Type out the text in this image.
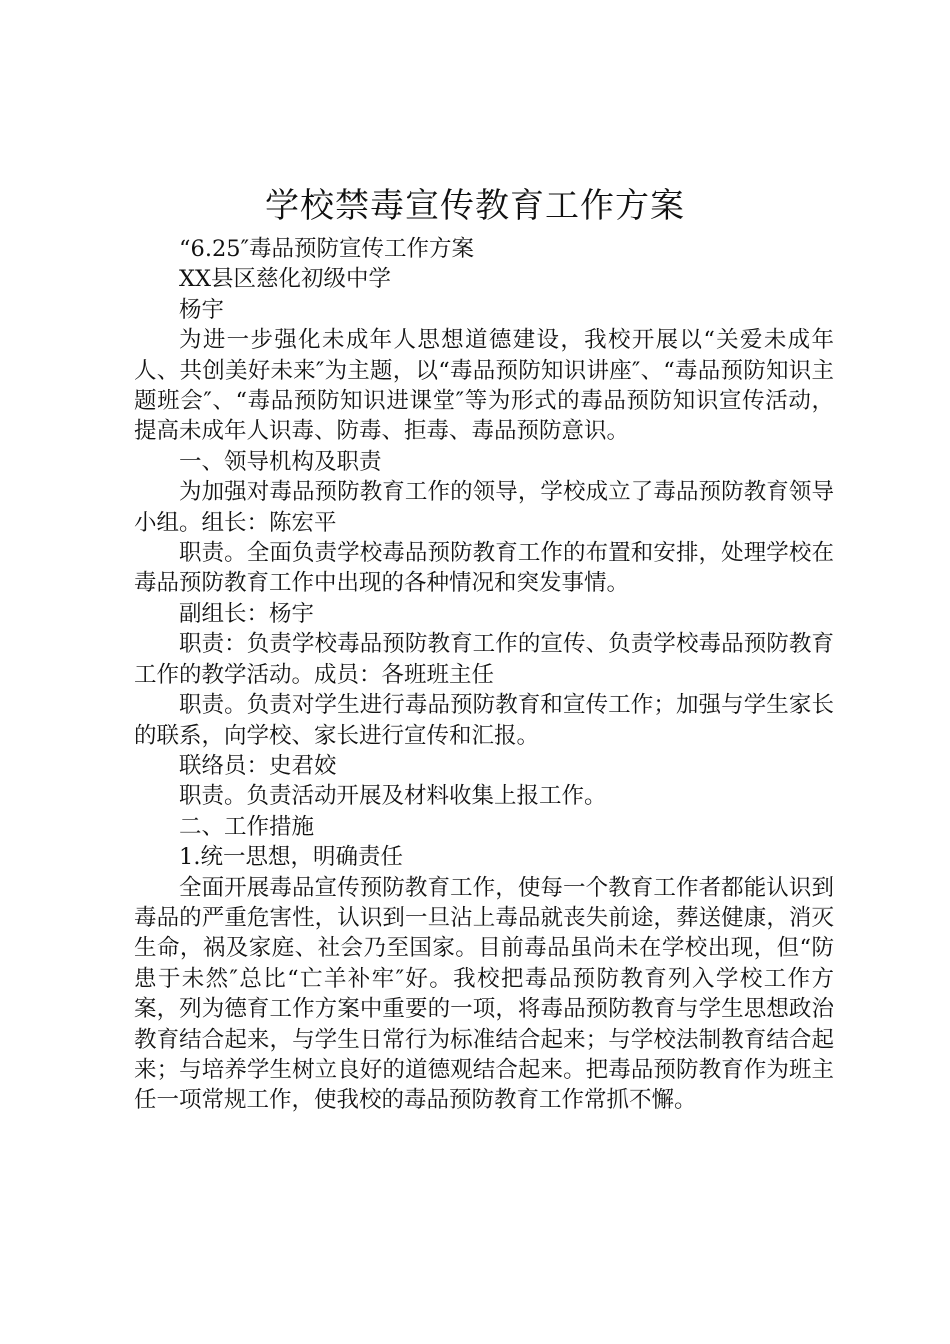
学校禁毒宣传教育工作方案

“6.25″毒品预防宣传工作方案

XX县区慈化初级中学

杨宇

为进一步强化未成年人思想道德建设，我校开展以“关爱未成年人、共创美好未来″为主题，以“毒品预防知识讲座″、“毒品预防知识主题班会″、“毒品预防知识进课堂″等为形式的毒品预防知识宣传活动，提高未成年人识毒、防毒、拒毒、毒品预防意识。

一、领导机构及职责

为加强对毒品预防教育工作的领导，学校成立了毒品预防教育领导小组。组长：陈宏平

职责。全面负责学校毒品预防教育工作的布置和安排，处理学校在毒品预防教育工作中出现的各种情况和突发事情。

副组长：杨宇

职责：负责学校毒品预防教育工作的宣传、负责学校毒品预防教育工作的教学活动。成员：各班班主任

职责。负责对学生进行毒品预防教育和宣传工作；加强与学生家长的联系，向学校、家长进行宣传和汇报。

联络员：史君姣

职责。负责活动开展及材料收集上报工作。

二、工作措施

1.统一思想，明确责任

全面开展毒品宣传预防教育工作，使每一个教育工作者都能认识到毒品的严重危害性，认识到一旦沾上毒品就丧失前途，葬送健康，消灭生命，祸及家庭、社会乃至国家。目前毒品虽尚未在学校出现，但“防患于未然″总比“亡羊补牢″好。我校把毒品预防教育列入学校工作方案，列为德育工作方案中重要的一项，将毒品预防教育与学生思想政治教育结合起来，与学生日常行为标准结合起来；与学校法制教育结合起来；与培养学生树立良好的道德观结合起来。把毒品预防教育作为班主任一项常规工作，使我校的毒品预防教育工作常抓不懈。
